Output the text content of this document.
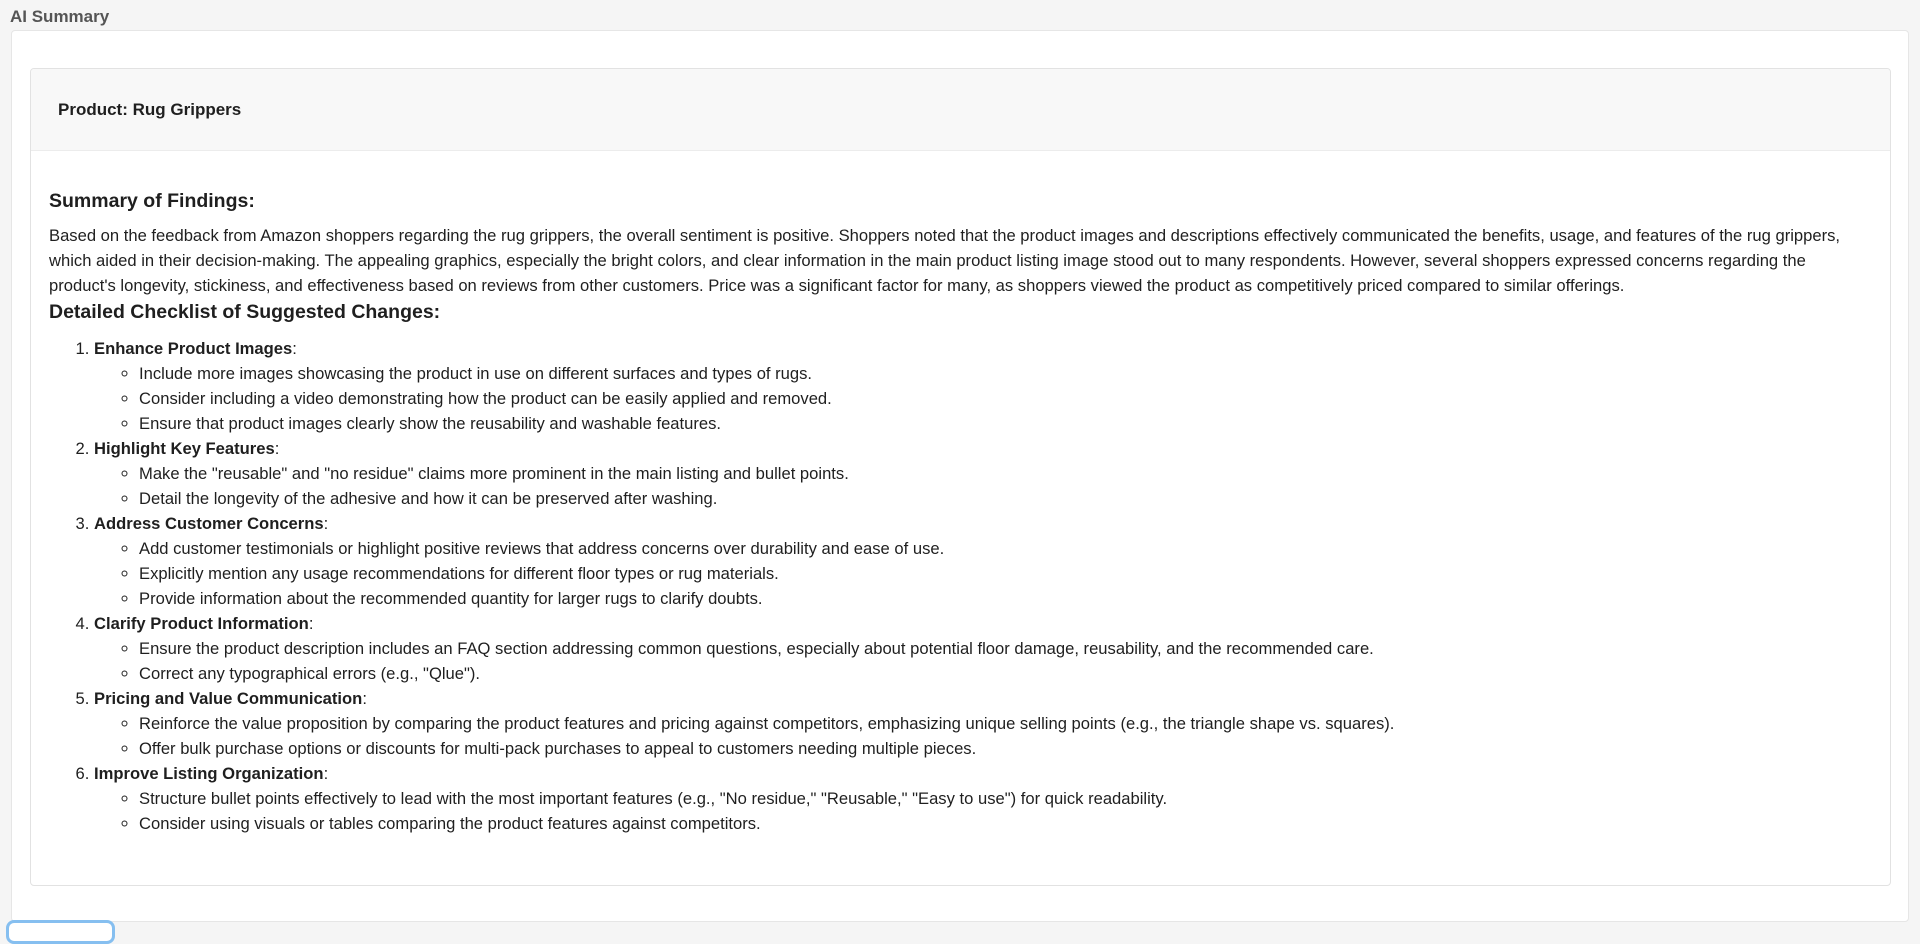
AI Summary
Product: Rug Grippers
Summary of Findings:

Based on the feedback from Amazon shoppers regarding the rug grippers, the overall sentiment is positive. Shoppers noted that the product images and descriptions effectively communicated the benefits, usage, and features of the rug grippers, which aided in their decision-making. The appealing graphics, especially the bright colors, and clear information in the main product listing image stood out to many respondents. However, several shoppers expressed concerns regarding the product's longevity, stickiness, and effectiveness based on reviews from other customers. Price was a significant factor for many, as shoppers viewed the product as competitively priced compared to similar offerings.

Detailed Checklist of Suggested Changes:
1. Enhance Product Images:
◦ Include more images showcasing the product in use on different surfaces and types of rugs.
◦ Consider including a video demonstrating how the product can be easily applied and removed.
◦ Ensure that product images clearly show the reusability and washable features.
2. Highlight Key Features:
◦ Make the "reusable" and "no residue" claims more prominent in the main listing and bullet points.
◦ Detail the longevity of the adhesive and how it can be preserved after washing.
3. Address Customer Concerns:
◦ Add customer testimonials or highlight positive reviews that address concerns over durability and ease of use.
◦ Explicitly mention any usage recommendations for different floor types or rug materials.
◦ Provide information about the recommended quantity for larger rugs to clarify doubts.
4. Clarify Product Information:
◦ Ensure the product description includes an FAQ section addressing common questions, especially about potential floor damage, reusability, and the recommended care.
◦ Correct any typographical errors (e.g., "Qlue").
5. Pricing and Value Communication:
◦ Reinforce the value proposition by comparing the product features and pricing against competitors, emphasizing unique selling points (e.g., the triangle shape vs. squares).
◦ Offer bulk purchase options or discounts for multi-pack purchases to appeal to customers needing multiple pieces.
6. Improve Listing Organization:
◦ Structure bullet points effectively to lead with the most important features (e.g., "No residue," "Reusable," "Easy to use") for quick readability.
◦ Consider using visuals or tables comparing the product features against competitors.
